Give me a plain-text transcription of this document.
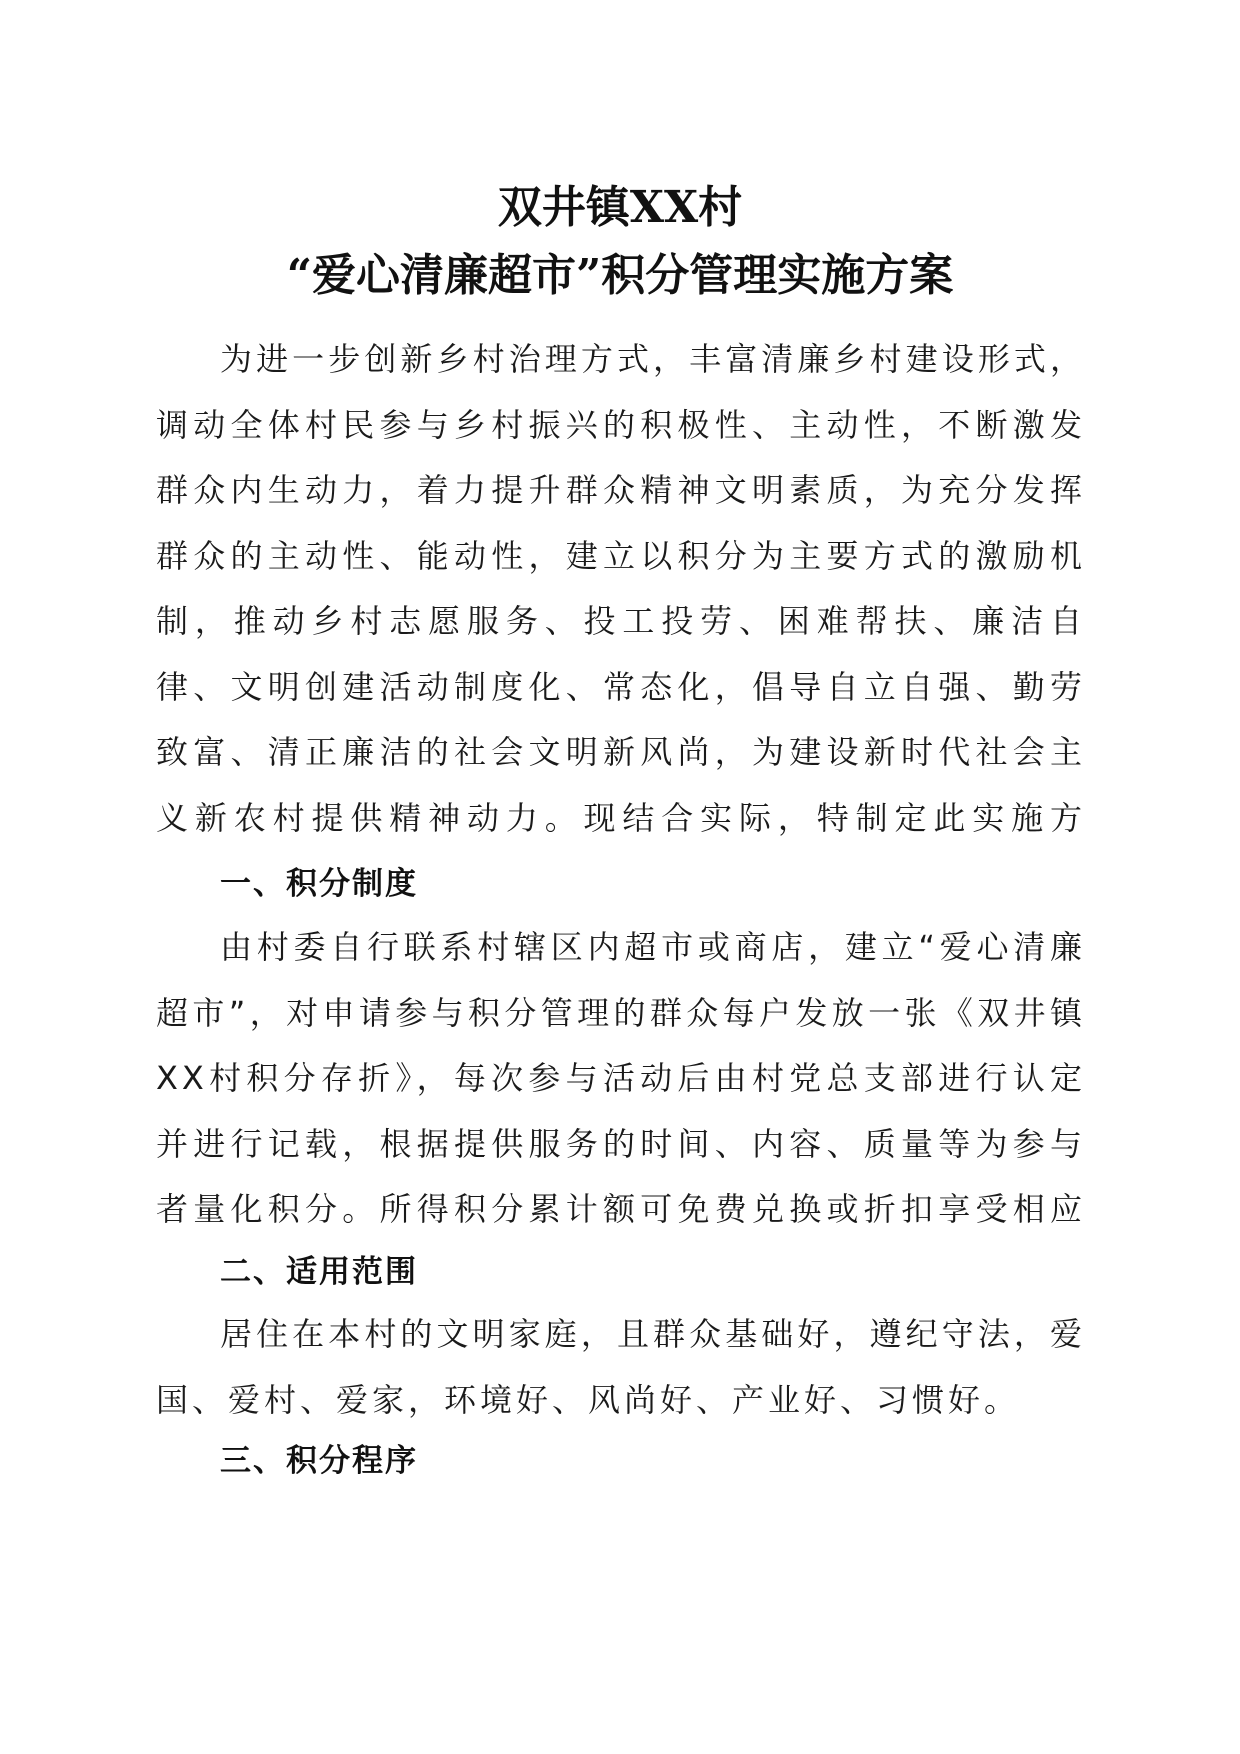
双井镇XX村
“爱心清廉超市”积分管理实施方案

为进一步创新乡村治理方式，丰富清廉乡村建设形式，调动全体村民参与乡村振兴的积极性、主动性，不断激发群众内生动力，着力提升群众精神文明素质，为充分发挥群众的主动性、能动性，建立以积分为主要方式的激励机制，推动乡村志愿服务、投工投劳、困难帮扶、廉洁自律、文明创建活动制度化、常态化，倡导自立自强、勤劳致富、清正廉洁的社会文明新风尚，为建设新时代社会主义新农村提供精神动力。现结合实际，特制定此实施方

一、积分制度

由村委自行联系村辖区内超市或商店，建立“爱心清廉超市”，对申请参与积分管理的群众每户发放一张《双井镇XX村积分存折》，每次参与活动后由村党总支部进行认定并进行记载，根据提供服务的时间、内容、质量等为参与者量化积分。所得积分累计额可免费兑换或折扣享受相应

二、适用范围

居住在本村的文明家庭，且群众基础好，遵纪守法，爱国、爱村、爱家，环境好、风尚好、产业好、习惯好。

三、积分程序
